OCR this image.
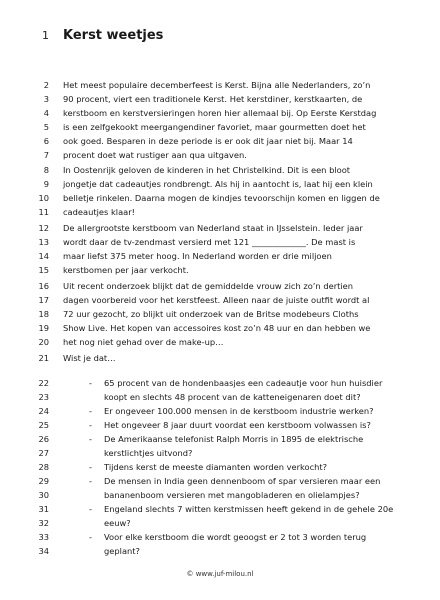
1 Kerst weetjes
2 Het meest populaire decemberfeest is Kerst. Bijna alle Nederlanders, zo’n
3 90 procent, viert een traditionele Kerst. Het kerstdiner, kerstkaarten, de
4 kerstboom en kerstversieringen horen hier allemaal bij. Op Eerste Kerstdag
5 is een zelfgekookt meergangendiner favoriet, maar gourmetten doet het
6 ook goed. Besparen in deze periode is er ook dit jaar niet bij. Maar 14
7 procent doet wat rustiger aan qua uitgaven.
8 In Oostenrijk geloven de kinderen in het Christelkind. Dit is een bloot
9 jongetje dat cadeautjes rondbrengt. Als hij in aantocht is, laat hij een klein
10 belletje rinkelen. Daarna mogen de kindjes tevoorschijn komen en liggen de
11 cadeautjes klaar!
12 De allergrootste kerstboom van Nederland staat in IJsselstein. Ieder jaar
13 wordt daar de tv-zendmast versierd met 121 _____________. De mast is
14 maar liefst 375 meter hoog. In Nederland worden er drie miljoen
15 kerstbomen per jaar verkocht.
16 Uit recent onderzoek blijkt dat de gemiddelde vrouw zich zo’n dertien
17 dagen voorbereid voor het kerstfeest. Alleen naar de juiste outfit wordt al
18 72 uur gezocht, zo blijkt uit onderzoek van de Britse modebeurs Cloths
19 Show Live. Het kopen van accessoires kost zo’n 48 uur en dan hebben we
20 het nog niet gehad over de make-up…
21 Wist je dat…
22	- 65 procent van de hondenbaasjes een cadeautje voor hun huisdier
23	koopt en slechts 48 procent van de katteneigenaren doet dit?
24	- Er ongeveer 100.000 mensen in de kerstboom industrie werken?
25	- Het ongeveer 8 jaar duurt voordat een kerstboom volwassen is?
26	- De Amerikaanse telefonist Ralph Morris in 1895 de elektrische
27	kerstlichtjes uitvond?
28	- Tijdens kerst de meeste diamanten worden verkocht?
29	- De mensen in India geen dennenboom of spar versieren maar een
30	bananenboom versieren met mangobladeren en olielampjes?
31	- Engeland slechts 7 witten kerstmissen heeft gekend in de gehele 20e
32	eeuw?
33	- Voor elke kerstboom die wordt geoogst er 2 tot 3 worden terug
34	geplant?
© www.juf-milou.nl
